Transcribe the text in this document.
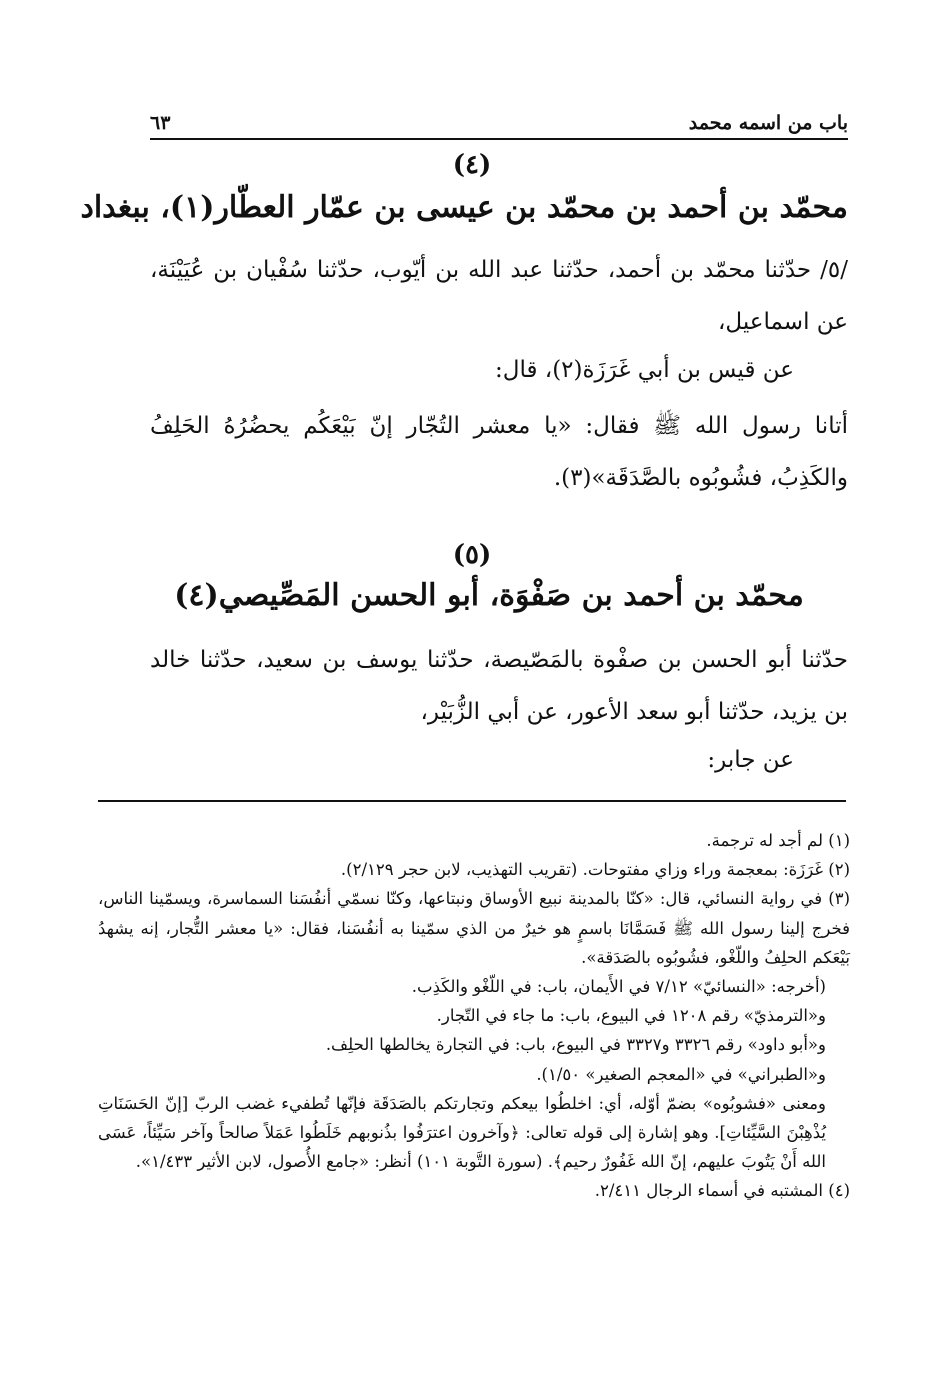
باب من اسمه محمد
٦٣
(٤)
محمّد بن أحمد بن محمّد بن عيسى بن عمّار العطّار(١)، ببغداد
/٥/ حدّثنا محمّد بن أحمد، حدّثنا عبد الله بن أيّوب، حدّثنا سُفْيان بن عُيَيْنَة، عن اسماعيل،
عن قيس بن أبي غَرَزَة(٢)، قال:
أتانا رسول الله ﷺ فقال: «يا معشر التُجّار إنّ بَيْعَكُم يحضُرُهُ الحَلِفُ والكَذِبُ، فشُوبُوه بالصَّدَقَة»(٣).
(٥)
محمّد بن أحمد بن صَفْوَة، أبو الحسن المَصِّيصي(٤)
حدّثنا أبو الحسن بن صفْوة بالمَصّيصة، حدّثنا يوسف بن سعيد، حدّثنا خالد بن يزيد، حدّثنا أبو سعد الأعور، عن أبي الزُّبَيْر،
عن جابر:
(١) لم أجد له ترجمة.
(٢) غَرَزَة: بمعجمة وراء وزاي مفتوحات. (تقريب التهذيب، لابن حجر ٢/١٢٩).
(٣) في رواية النسائي، قال: «كنّا بالمدينة نبيع الأوساق ونبتاعها، وكنّا نسمّي أنفُسَنا السماسرة، ويسمّينا الناس، فخرج إلينا رسول الله ﷺ فَسَمَّانَا باسمٍ هو خيرٌ من الذي سمّينا به أنفُسَنا، فقال: «يا معشر التُّجار، إنه يشهدُ بَيْعَكم الحلِفُ واللّغْو، فشُوبُوه بالصَدَقة».
(أخرجه: «النسائيّ» ٧/١٢ في الأَيمان، باب: في اللّغْو والكَذِب.
و«الترمذيّ» رقم ١٢٠٨ في البيوع، باب: ما جاء في التّجار.
و«أبو داود» رقم ٣٣٢٦ و٣٣٢٧ في البيوع، باب: في التجارة يخالطها الحلِف.
و«الطبراني» في «المعجم الصغير» ١/٥٠).
ومعنى «فشوبُوه» بضمّ أوّله، أي: اخلطُوا بيعكم وتجارتكم بالصَدَقَة فإنّها تُطفيء غضب الربّ [إنّ الحَسَنَاتِ يُذْهِبْنَ السَّيِّئاتِ]. وهو إشارة إلى قوله تعالى: ﴿وآخرون اعترَفُوا بذُنوبهم خَلَطُوا عَمَلاً صالحاً وآخر سَيِّئاً، عَسَى الله أَنْ يَتُوبَ عليهم، إنّ الله غَفُورٌ رحيم﴾. (سورة التَّوبة ١٠١) أنظر: «جامع الأُصول، لابن الأثير ١/٤٣٣».
(٤) المشتبه في أسماء الرجال ٢/٤١١.
